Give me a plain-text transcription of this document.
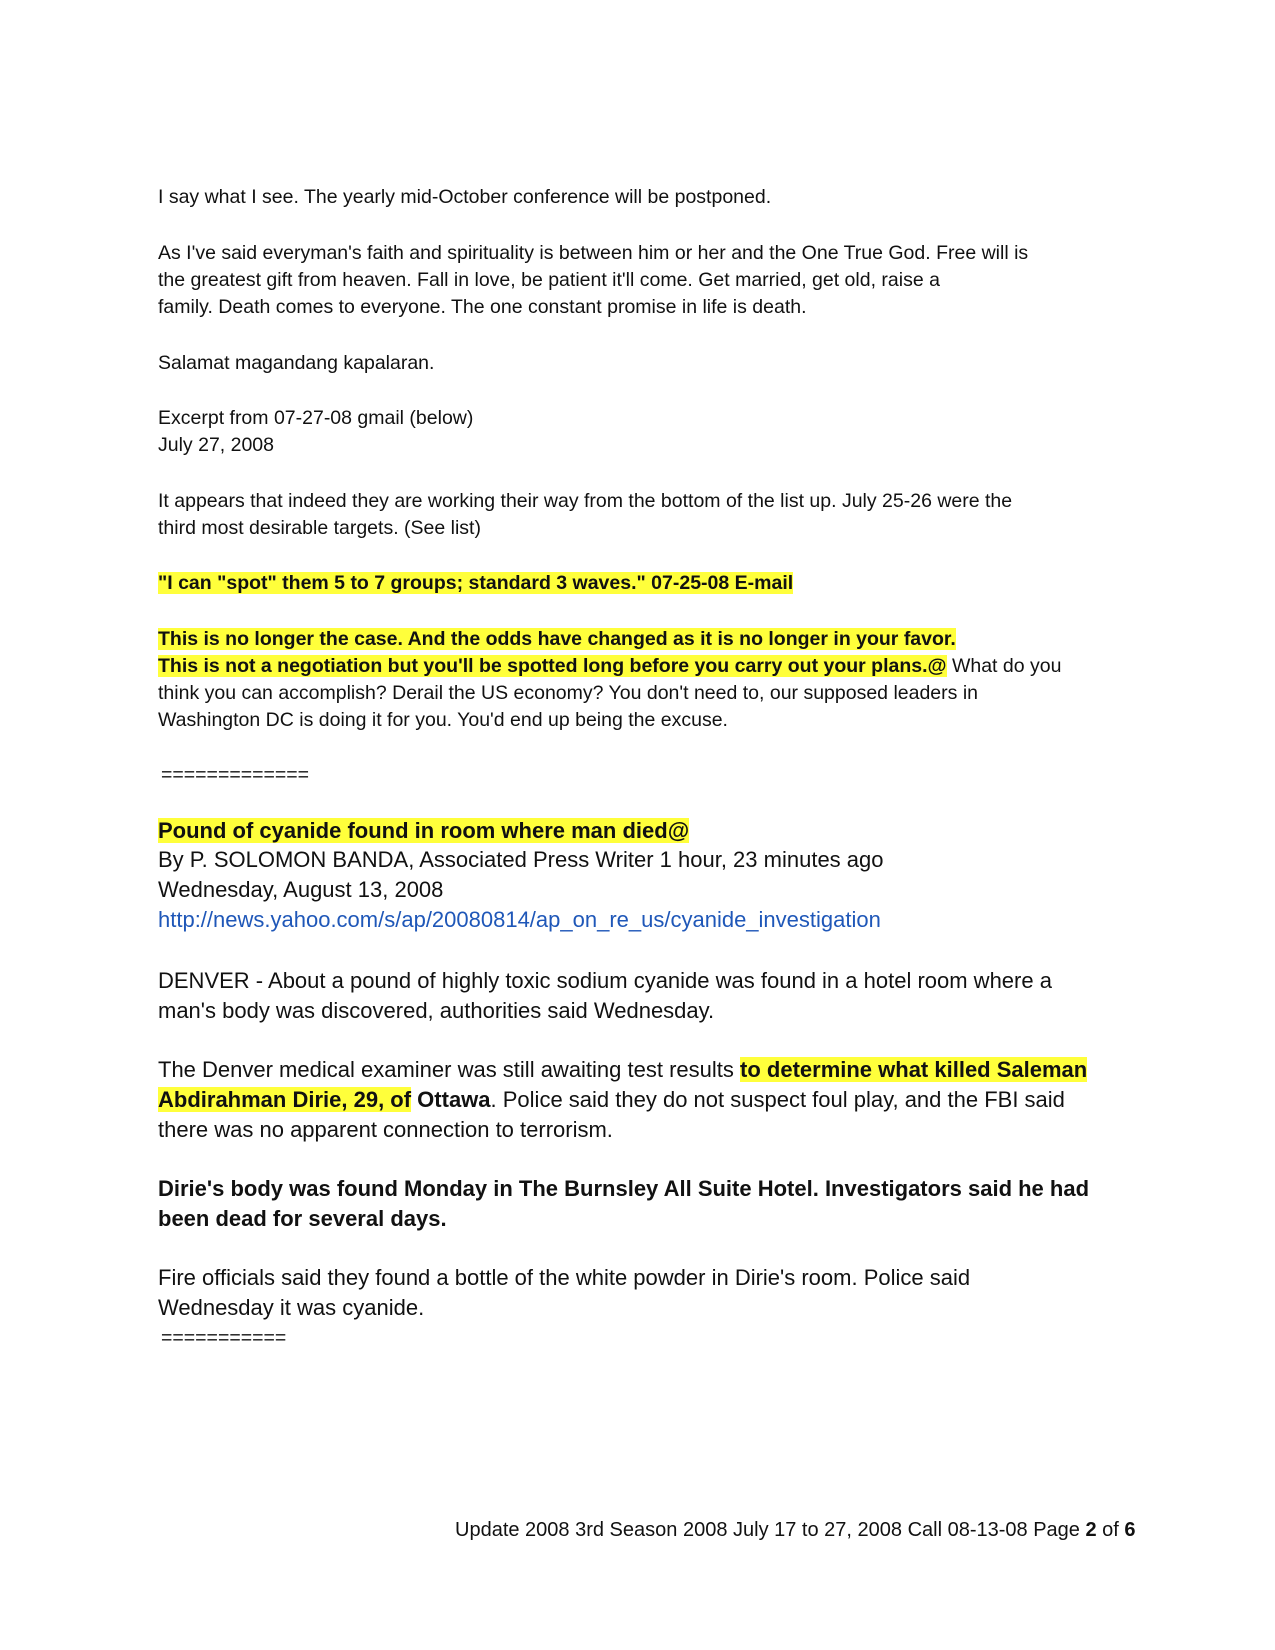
I say what I see. The yearly mid-October conference will be postponed.
As I've said everyman's faith and spirituality is between him or her and the One True God. Free will is
the greatest gift from heaven. Fall in love, be patient it'll come. Get married, get old, raise a
family. Death comes to everyone. The one constant promise in life is death.
Salamat magandang kapalaran.
Excerpt from 07-27-08 gmail (below)
July 27, 2008
It appears that indeed they are working their way from the bottom of the list up. July 25-26 were the
third most desirable targets. (See list)
"I can "spot" them 5 to 7 groups; standard 3 waves." 07-25-08 E-mail
This is no longer the case. And the odds have changed as it is no longer in your favor.
This is not a negotiation but you'll be spotted long before you carry out your plans.@ What do you
think you can accomplish? Derail the US economy? You don't need to, our supposed leaders in
Washington DC is doing it for you. You'd end up being the excuse.
=============
Pound of cyanide found in room where man died@
By P. SOLOMON BANDA, Associated Press Writer 1 hour, 23 minutes ago
Wednesday, August 13, 2008
http://news.yahoo.com/s/ap/20080814/ap_on_re_us/cyanide_investigation
DENVER - About a pound of highly toxic sodium cyanide was found in a hotel room where a
man's body was discovered, authorities said Wednesday.
The Denver medical examiner was still awaiting test results to determine what killed Saleman
Abdirahman Dirie, 29, of Ottawa. Police said they do not suspect foul play, and the FBI said
there was no apparent connection to terrorism.
Dirie's body was found Monday in The Burnsley All Suite Hotel. Investigators said he had
been dead for several days.
Fire officials said they found a bottle of the white powder in Dirie's room. Police said
Wednesday it was cyanide.
===========
Update 2008 3rd Season 2008 July 17 to 27, 2008 Call 08-13-08 Page 2 of 6
